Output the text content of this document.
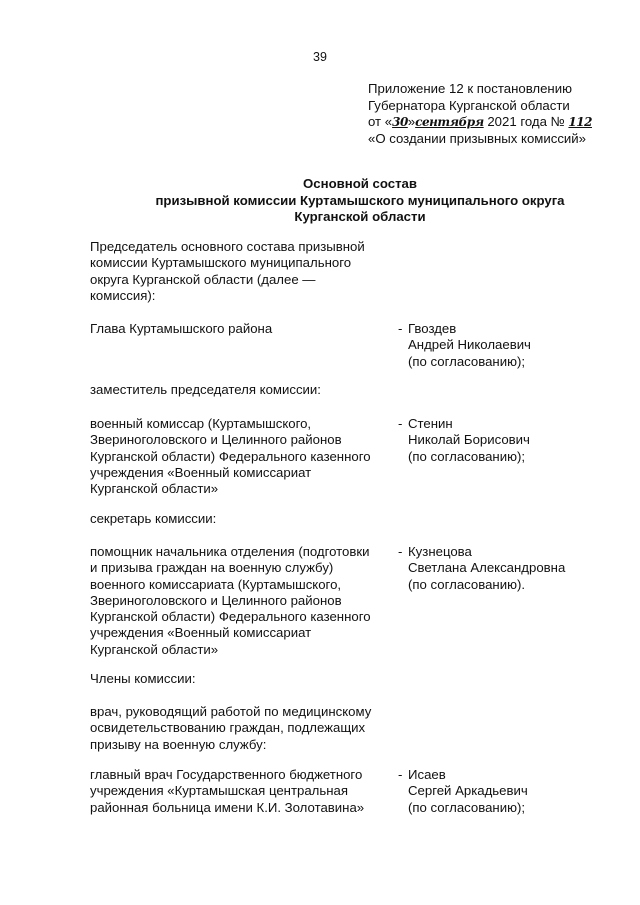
39
Приложение 12 к постановлению
Губернатора Курганской области
от «30»сентября 2021 года № 112
«О создании призывных комиссий»
Основной состав
призывной комиссии Куртамышского муниципального округа
Курганской области
Председатель основного состава призывной
комиссии Куртамышского муниципального
округа Курганской области (далее —
комиссия):
Глава Куртамышского района	- Гвоздев
Андрей Николаевич
(по согласованию);
заместитель председателя комиссии:
военный комиссар (Куртамышского,
Звериноголовского и Целинного районов
Курганской области) Федерального казенного
учреждения «Военный комиссариат
Курганской области»
- Стенин
Николай Борисович
(по согласованию);
секретарь комиссии:
помощник начальника отделения (подготовки
и призыва граждан на военную службу)
военного комиссариата (Куртамышского,
Звериноголовского и Целинного районов
Курганской области) Федерального казенного
учреждения «Военный комиссариат
Курганской области»
- Кузнецова
Светлана Александровна
(по согласованию).
Члены комиссии:
врач, руководящий работой по медицинскому
освидетельствованию граждан, подлежащих
призыву на военную службу:
главный врач Государственного бюджетного
учреждения «Куртамышская центральная
районная больница имени К.И. Золотавина»
- Исаев
Сергей Аркадьевич
(по согласованию);
